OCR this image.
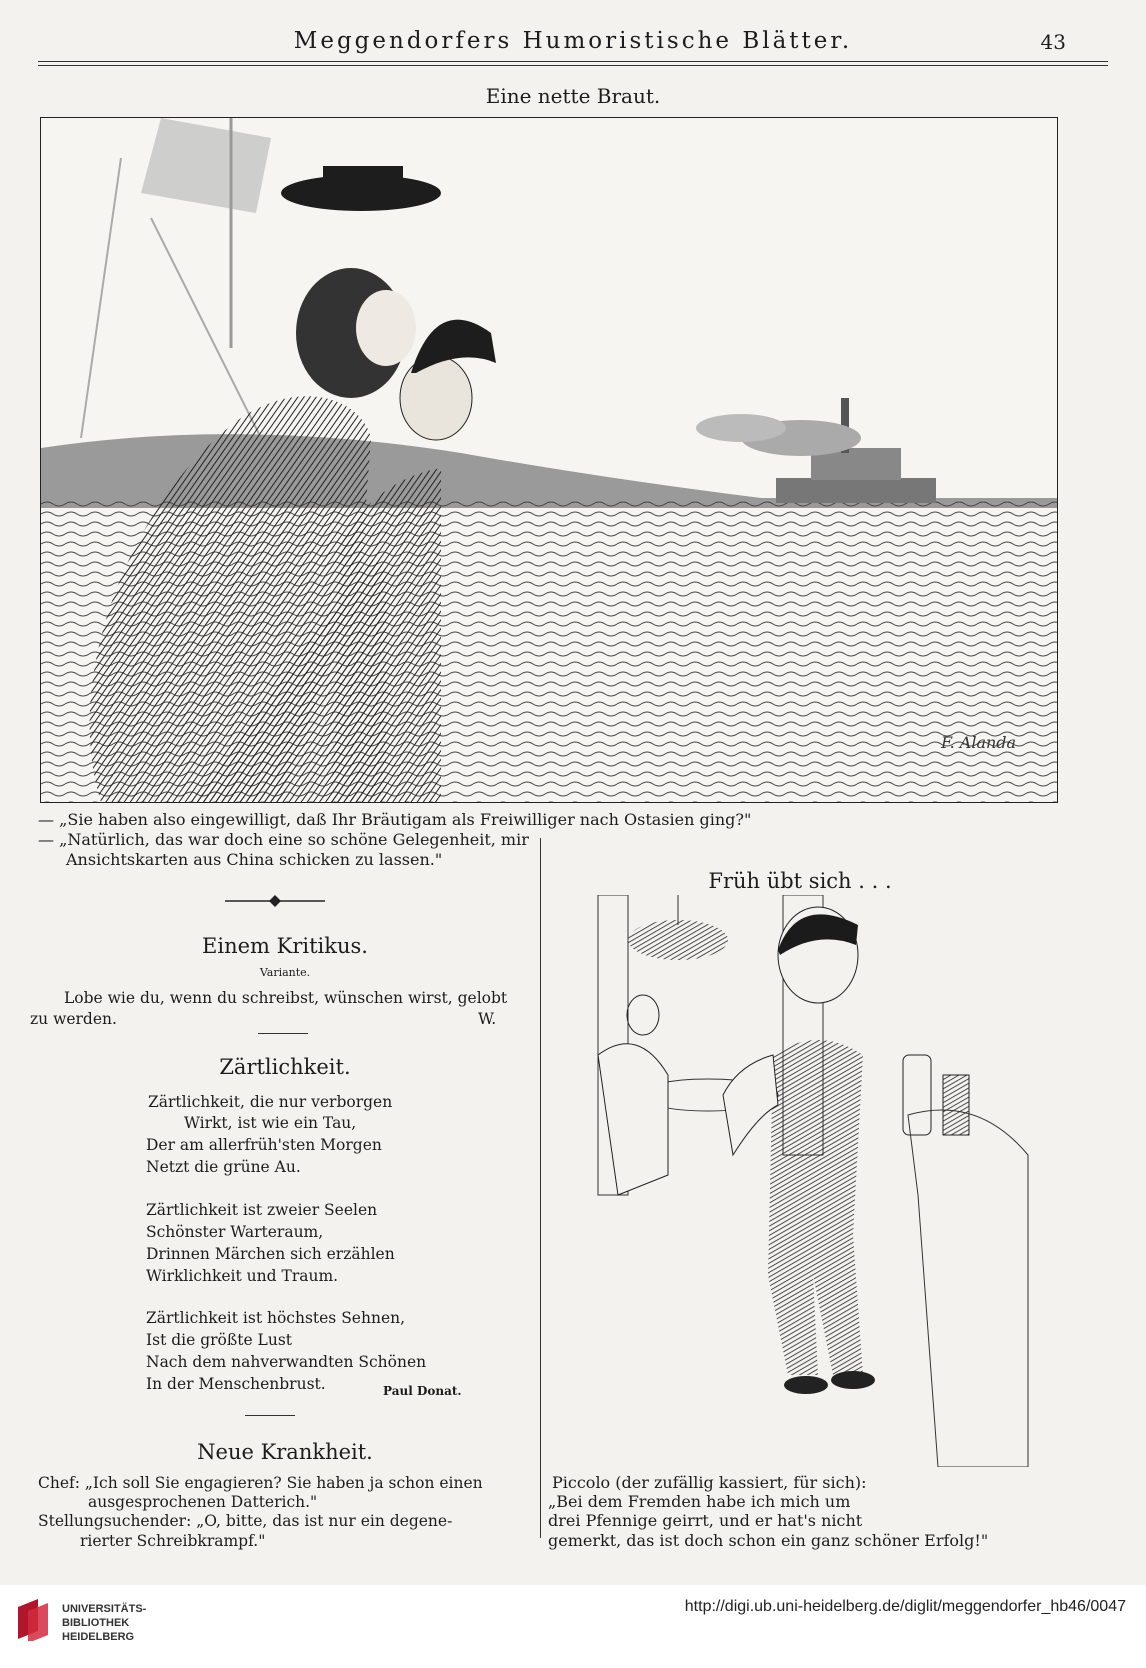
Meggendorfers Humoristische Blätter.	43
Eine nette Braut.
F. Alanda
— „Sie haben also eingewilligt, daß Ihr Bräutigam als Freiwilliger nach Ostasien ging?"
— „Natürlich, das war doch eine so schöne Gelegenheit, mir
Ansichtskarten aus China schicken zu lassen."
Einem Kritikus.
Variante.
Lobe wie du, wenn du schreibst, wünschen wirst, gelobt
zu werden.	W.
Zärtlichkeit.
Zärtlichkeit, die nur verborgen
Wirkt, ist wie ein Tau,
Der am allerfrüh'sten Morgen
Netzt die grüne Au.
Zärtlichkeit ist zweier Seelen
Schönster Warteraum,
Drinnen Märchen sich erzählen
Wirklichkeit und Traum.
Zärtlichkeit ist höchstes Sehnen,
Ist die größte Lust
Nach dem nahverwandten Schönen
In der Menschenbrust.	Paul Donat.
Neue Krankheit.
Chef: „Ich soll Sie engagieren? Sie haben ja schon einen
ausgesprochenen Datterich."
Stellungsuchender: „O, bitte, das ist nur ein degene-
rierter Schreibkrampf."
Früh übt sich . . .
Piccolo (der zufällig kassiert, für sich):
„Bei dem Fremden habe ich mich um
drei Pfennige geirrt, und er hat's nicht
gemerkt, das ist doch schon ein ganz schöner Erfolg!"
UNIVERSITÄTS-
BIBLIOTHEK
HEIDELBERG
http://digi.ub.uni-heidelberg.de/diglit/meggendorfer_hb46/0047
